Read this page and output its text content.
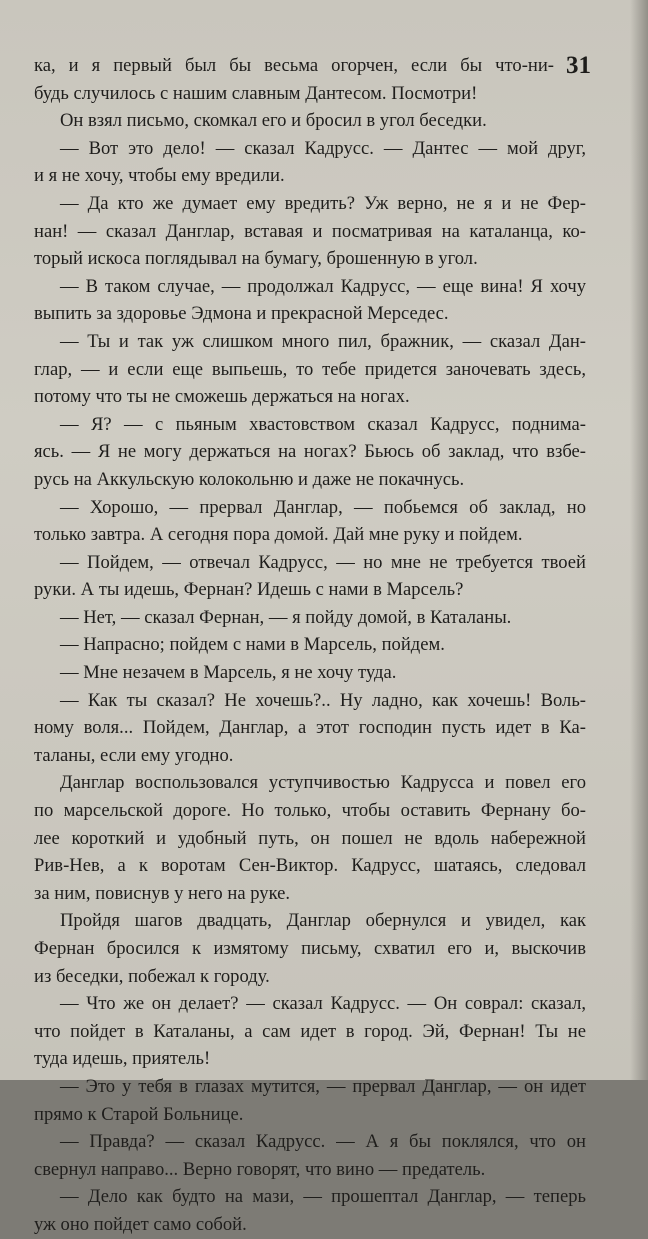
31
ка, и я первый был бы весьма огорчен, если бы что-ни-
будь случилось с нашим славным Дантесом. Посмотри!
Он взял письмо, скомкал его и бросил в угол беседки.
— Вот это дело! — сказал Кадрусс. — Дантес — мой друг,
и я не хочу, чтобы ему вредили.
— Да кто же думает ему вредить? Уж верно, не я и не Фер-
нан! — сказал Данглар, вставая и посматривая на каталанца, ко-
торый искоса поглядывал на бумагу, брошенную в угол.
— В таком случае, — продолжал Кадрусс, — еще вина! Я хочу
выпить за здоровье Эдмона и прекрасной Мерседес.
— Ты и так уж слишком много пил, бражник, — сказал Дан-
глар, — и если еще выпьешь, то тебе придется заночевать здесь,
потому что ты не сможешь держаться на ногах.
— Я? — с пьяным хвастовством сказал Кадрусс, поднима-
ясь. — Я не могу держаться на ногах? Бьюсь об заклад, что взбе-
русь на Аккульскую колокольню и даже не покачнусь.
— Хорошо, — прервал Данглар, — побьемся об заклад, но
только завтра. А сегодня пора домой. Дай мне руку и пойдем.
— Пойдем, — отвечал Кадрусс, — но мне не требуется твоей
руки. А ты идешь, Фернан? Идешь с нами в Марсель?
— Нет, — сказал Фернан, — я пойду домой, в Каталаны.
— Напрасно; пойдем с нами в Марсель, пойдем.
— Мне незачем в Марсель, я не хочу туда.
— Как ты сказал? Не хочешь?.. Ну ладно, как хочешь! Воль-
ному воля... Пойдем, Данглар, а этот господин пусть идет в Ка-
таланы, если ему угодно.
Данглар воспользовался уступчивостью Кадрусса и повел его
по марсельской дороге. Но только, чтобы оставить Фернану бо-
лее короткий и удобный путь, он пошел не вдоль набережной
Рив-Нев, а к воротам Сен-Виктор. Кадрусс, шатаясь, следовал
за ним, повиснув у него на руке.
Пройдя шагов двадцать, Данглар обернулся и увидел, как
Фернан бросился к измятому письму, схватил его и, выскочив
из беседки, побежал к городу.
— Что же он делает? — сказал Кадрусс. — Он соврал: сказал,
что пойдет в Каталаны, а сам идет в город. Эй, Фернан! Ты не
туда идешь, приятель!
— Это у тебя в глазах мутится, — прервал Данглар, — он идет
прямо к Старой Больнице.
— Правда? — сказал Кадрусс. — А я бы поклялся, что он
свернул направо... Верно говорят, что вино — предатель.
— Дело как будто на мази, — прошептал Данглар, — теперь
уж оно пойдет само собой.
